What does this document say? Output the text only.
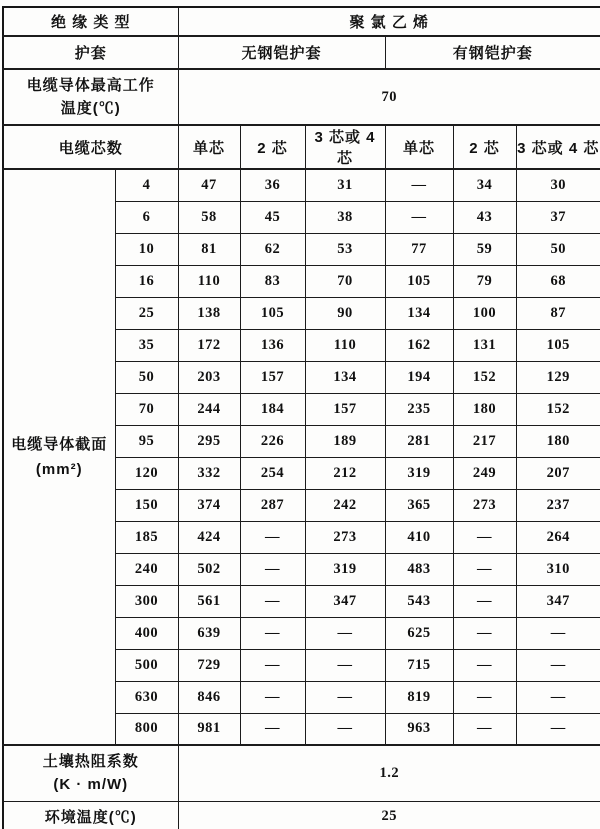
绝 缘 类 型		聚 氯 乙 烯					
护套		无钢铠护套			有钢铠护套		

电缆导体最高工作
温度(℃)		70					
电缆芯数		单芯	2 芯	3 芯或 4 芯	单芯	2 芯	3 芯或 4 芯

电缆导体截面
(mm²)	4	47	36	31	—	34	30
	6	58	45	38	—	43	37
	10	81	62	53	77	59	50
	16	110	83	70	105	79	68
	25	138	105	90	134	100	87
	35	172	136	110	162	131	105
	50	203	157	134	194	152	129
	70	244	184	157	235	180	152
	95	295	226	189	281	217	180
	120	332	254	212	319	249	207
	150	374	287	242	365	273	237
	185	424	—	273	410	—	264
	240	502	—	319	483	—	310
	300	561	—	347	543	—	347
	400	639	—	—	625	—	—
	500	729	—	—	715	—	—
	630	846	—	—	819	—	—
	800	981	—	—	963	—	—

土壤热阻系数
(K · m/W)		1.2					
环境温度(℃)		25					
